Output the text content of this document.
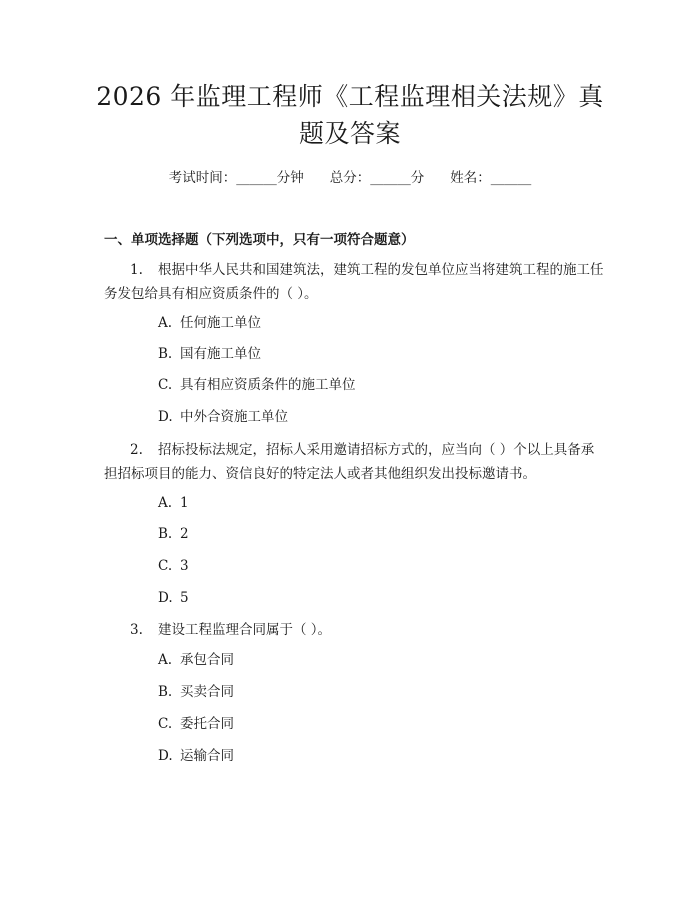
2026 年监理工程师《工程监理相关法规》真
题及答案
考试时间：______分钟 总分：______分 姓名：______
一、单项选择题（下列选项中，只有一项符合题意）
1. 根据中华人民共和国建筑法，建筑工程的发包单位应当将建筑工程的施工任务发包给具有相应资质条件的（ ）。
A. 任何施工单位
B. 国有施工单位
C. 具有相应资质条件的施工单位
D. 中外合资施工单位
2. 招标投标法规定，招标人采用邀请招标方式的，应当向（ ）个以上具备承担招标项目的能力、资信良好的特定法人或者其他组织发出投标邀请书。
A. 1
B. 2
C. 3
D. 5
3. 建设工程监理合同属于（ ）。
A. 承包合同
B. 买卖合同
C. 委托合同
D. 运输合同
